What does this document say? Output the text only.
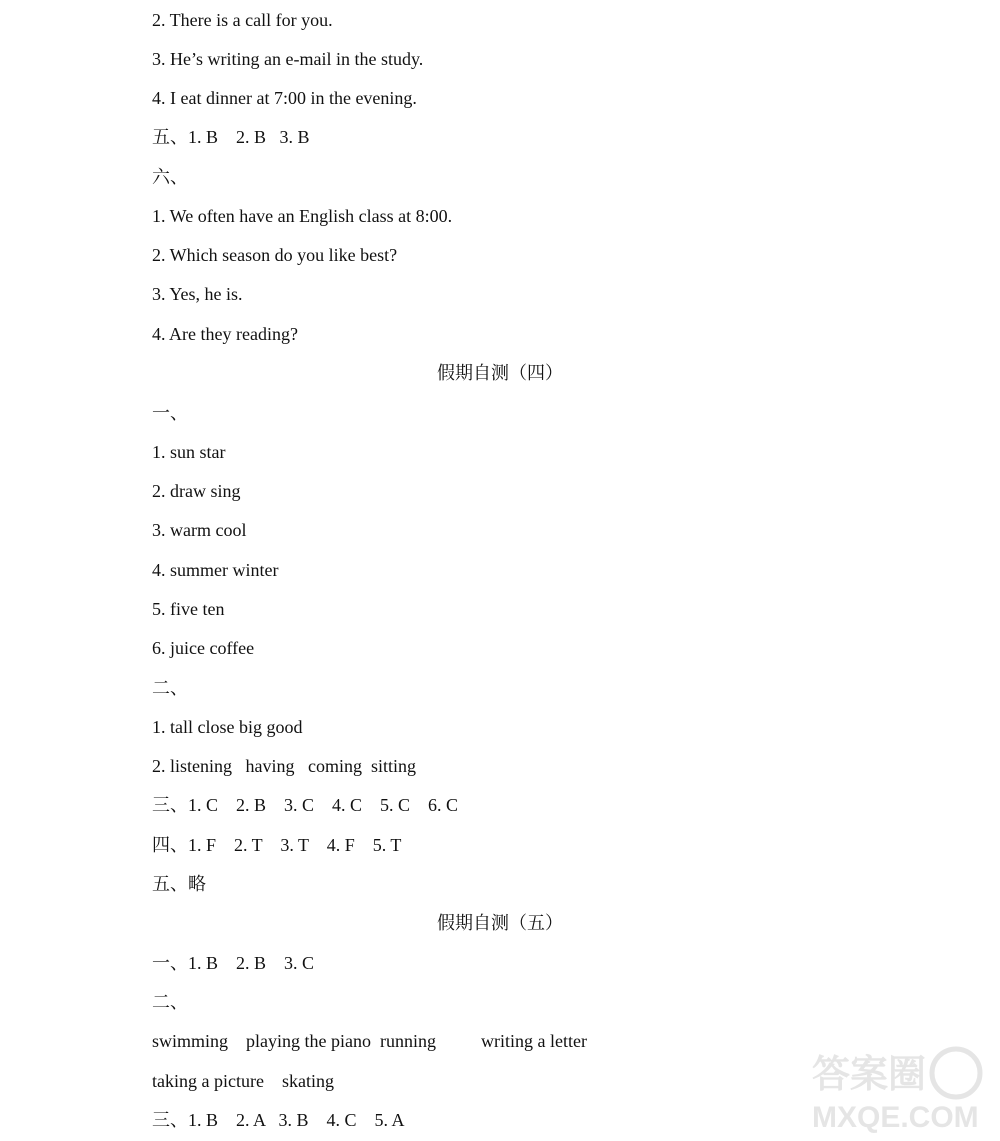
2. There is a call for you.
3. He’s writing an e-mail in the study.
4. I eat dinner at 7:00 in the evening.
五、1. B    2. B   3. B
六、
1. We often have an English class at 8:00.
2. Which season do you like best?
3. Yes, he is.
4. Are they reading?
假期自测（四）
一、
1. sun star
2. draw sing
3. warm cool
4. summer winter
5. five ten
6. juice coffee
二、
1. tall close big good
2. listening   having   coming  sitting
三、1. C    2. B    3. C    4. C    5. C    6. C
四、1. F    2. T    3. T    4. F    5. T
五、略
假期自测（五）
一、1. B    2. B    3. C
二、
swimming    playing the piano  running          writing a letter
taking a picture    skating
三、1. B    2. A   3. B    4. C    5. A
答案圈
MXQE.COM
